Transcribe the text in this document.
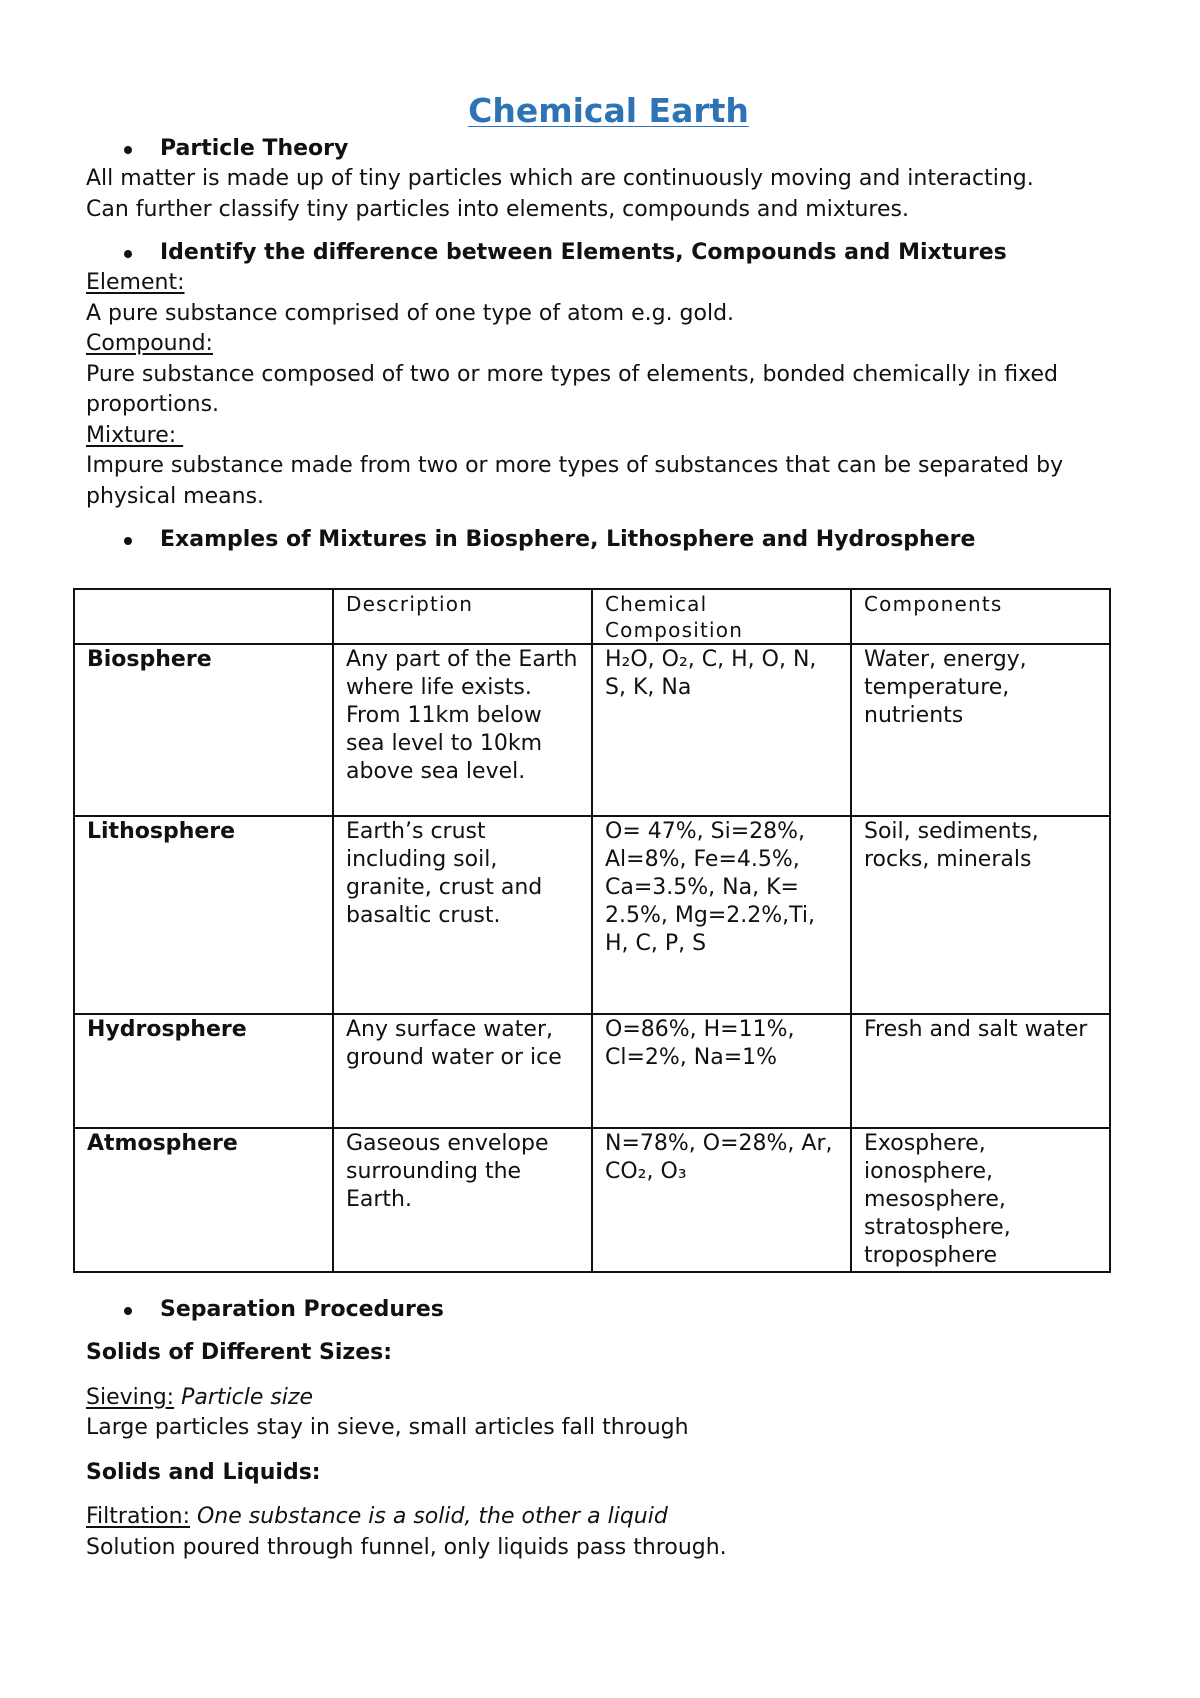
Chemical Earth

Particle Theory

All matter is made up of tiny particles which are continuously moving and interacting.

Can further classify tiny particles into elements, compounds and mixtures.

Identify the difference between Elements, Compounds and Mixtures

Element:

A pure substance comprised of one type of atom e.g. gold.

Compound:

Pure substance composed of two or more types of elements, bonded chemically in fixed proportions.

Mixture:

Impure substance made from two or more types of substances that can be separated by physical means.

Examples of Mixtures in Biosphere, Lithosphere and Hydrosphere

	Description	Chemical Composition	Components
Biosphere	Any part of the Earth where life exists. From 11km below sea level to 10km above sea level.	H₂O, O₂, C, H, O, N, S, K, Na	Water, energy, temperature, nutrients
Lithosphere	Earth’s crust including soil, granite, crust and basaltic crust.	O= 47%, Si=28%, Al=8%, Fe=4.5%, Ca=3.5%, Na, K= 2.5%, Mg=2.2%,Ti, H, C, P, S	Soil, sediments, rocks, minerals
Hydrosphere	Any surface water, ground water or ice	O=86%, H=11%, Cl=2%, Na=1%	Fresh and salt water
Atmosphere	Gaseous envelope surrounding the Earth.	N=78%, O=28%, Ar, CO₂, O₃	Exosphere, ionosphere, mesosphere, stratosphere, troposphere

Separation Procedures

Solids of Different Sizes:

Sieving: Particle size

Large particles stay in sieve, small articles fall through

Solids and Liquids:

Filtration: One substance is a solid, the other a liquid

Solution poured through funnel, only liquids pass through.
